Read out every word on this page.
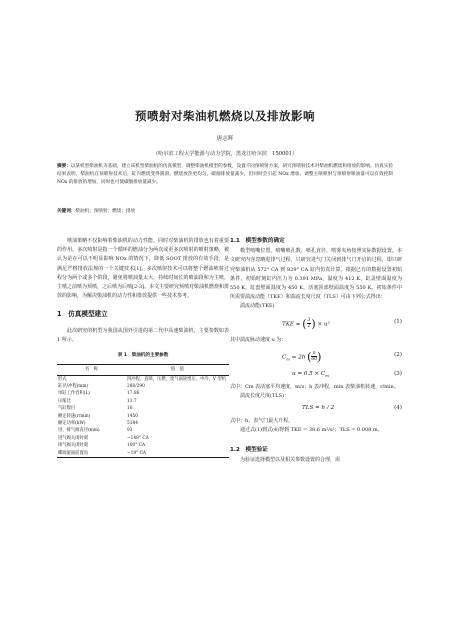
预喷射对柴油机燃烧以及排放影响
唐志辉
（哈尔滨工程大学能源与动力学院，黑龙江哈尔滨　150001）
摘要：以某机型柴油机为基础，建立该机型柴油机的仿真模型，调整柴油机模型的参数，设置不同预喷射方案，研究预喷射技术对柴油机燃烧和排放的影响。仿真实验结果表明，柴油机在预喷射技术后，缸内燃烧变得圆滑，燃烧放热更均匀，碳烟排放量减少，但同时会引起 NOx 增加。调整主喷喷射与预喷射喷油量可以有效控制 NOx 的排放的增加，同时也可使碳烟排放量减少。
关键词：柴油机；预喷射；燃烧；排放

喷油策略不仅影响着柴油机的动力性能，同时对柴油机的排放也有着重要的作用。多次喷射是指一个循环的燃油分为两次或更多次喷射的喷射策略，被认为是在可以不明显影响 NOx 的情况下，降低 SOOT 排放的有效手段，是满足严格排放法规的一个关键技术[1]。多次喷射技术可以将整个燃油喷射过程分为两个或多个阶段，避免将喷油量太大、持续时间长的喷油段和为主喷，主喷之前喷为预喷，之后喷为后喷[2-3]。本文主要研究预喷对柴油机燃烧和排放的影响，为解决柴油机的动力性和排放提供一些技术参考。

1　仿真模型建立

此次研究的机型为我国从国外引进的第二代中高速柴油机，主要参数如表 1 所示。

表 1　柴油机的主要参数
名　称	值　值
形式	四冲程，直喷，压燃，废气涡轮增压，中冷，V 型机
缸径/冲程(mm)	280/290
单缸工作容积(L)	17.86
压缩比	11.7
气缸数目	16
额定转速(r/min)	1450
额定功率(kW)	5184
进、排气阀直径(mm)	93
进气阀关闭时刻	−148° CA
排气阀关闭时刻	100° CA
蝶阀旋面前置角	−19° CA
1.1　模型参数的确定

模型喷嘴位置，喷嘴喷孔数，喷孔直径，喷雾夹角按照实际数据设置。本文研究内容忽略进排气过程，只研究进气门关闭到排气门开启的过程，即只研究柴油机从 572° CA 到 829° CA 缸内仿真计算。根据已有的数据设置初始条件，初始时刻缸内压力为 0.391 MPa，温度为 412 K，缸盖壁面温度为 550 K，缸套壁面温度为 450 K，活塞顶部壁面温度为 550 K。初始条件中所需要湍流动能（TKE）和湍流长度尺度（TLS）可由下列公式得出：

湍流动能(TKE)

TKE = ( $\frac{3}{2}$ ) × u²	(1)

其中湍流脉动速度 u 为：

$C_m = 2h$ ( $\frac{n}{60}$ )	(2)
$u = 0.5 \times C_m$	(3)

式中：Cm 表活塞平均速度，m/s；h 表冲程，min 表柴油机转速，r/min。

湍流长度尺度(TLS)：

TLS = h / 2	(4)

式中：h，表气门最大升程。

通过式(1)到式(4)得到 TKE = 38.6 m²/s²；TLS = 0.008 m。

1.2　模型验证

为验证选择模型以及相关参数设置的合理，需
